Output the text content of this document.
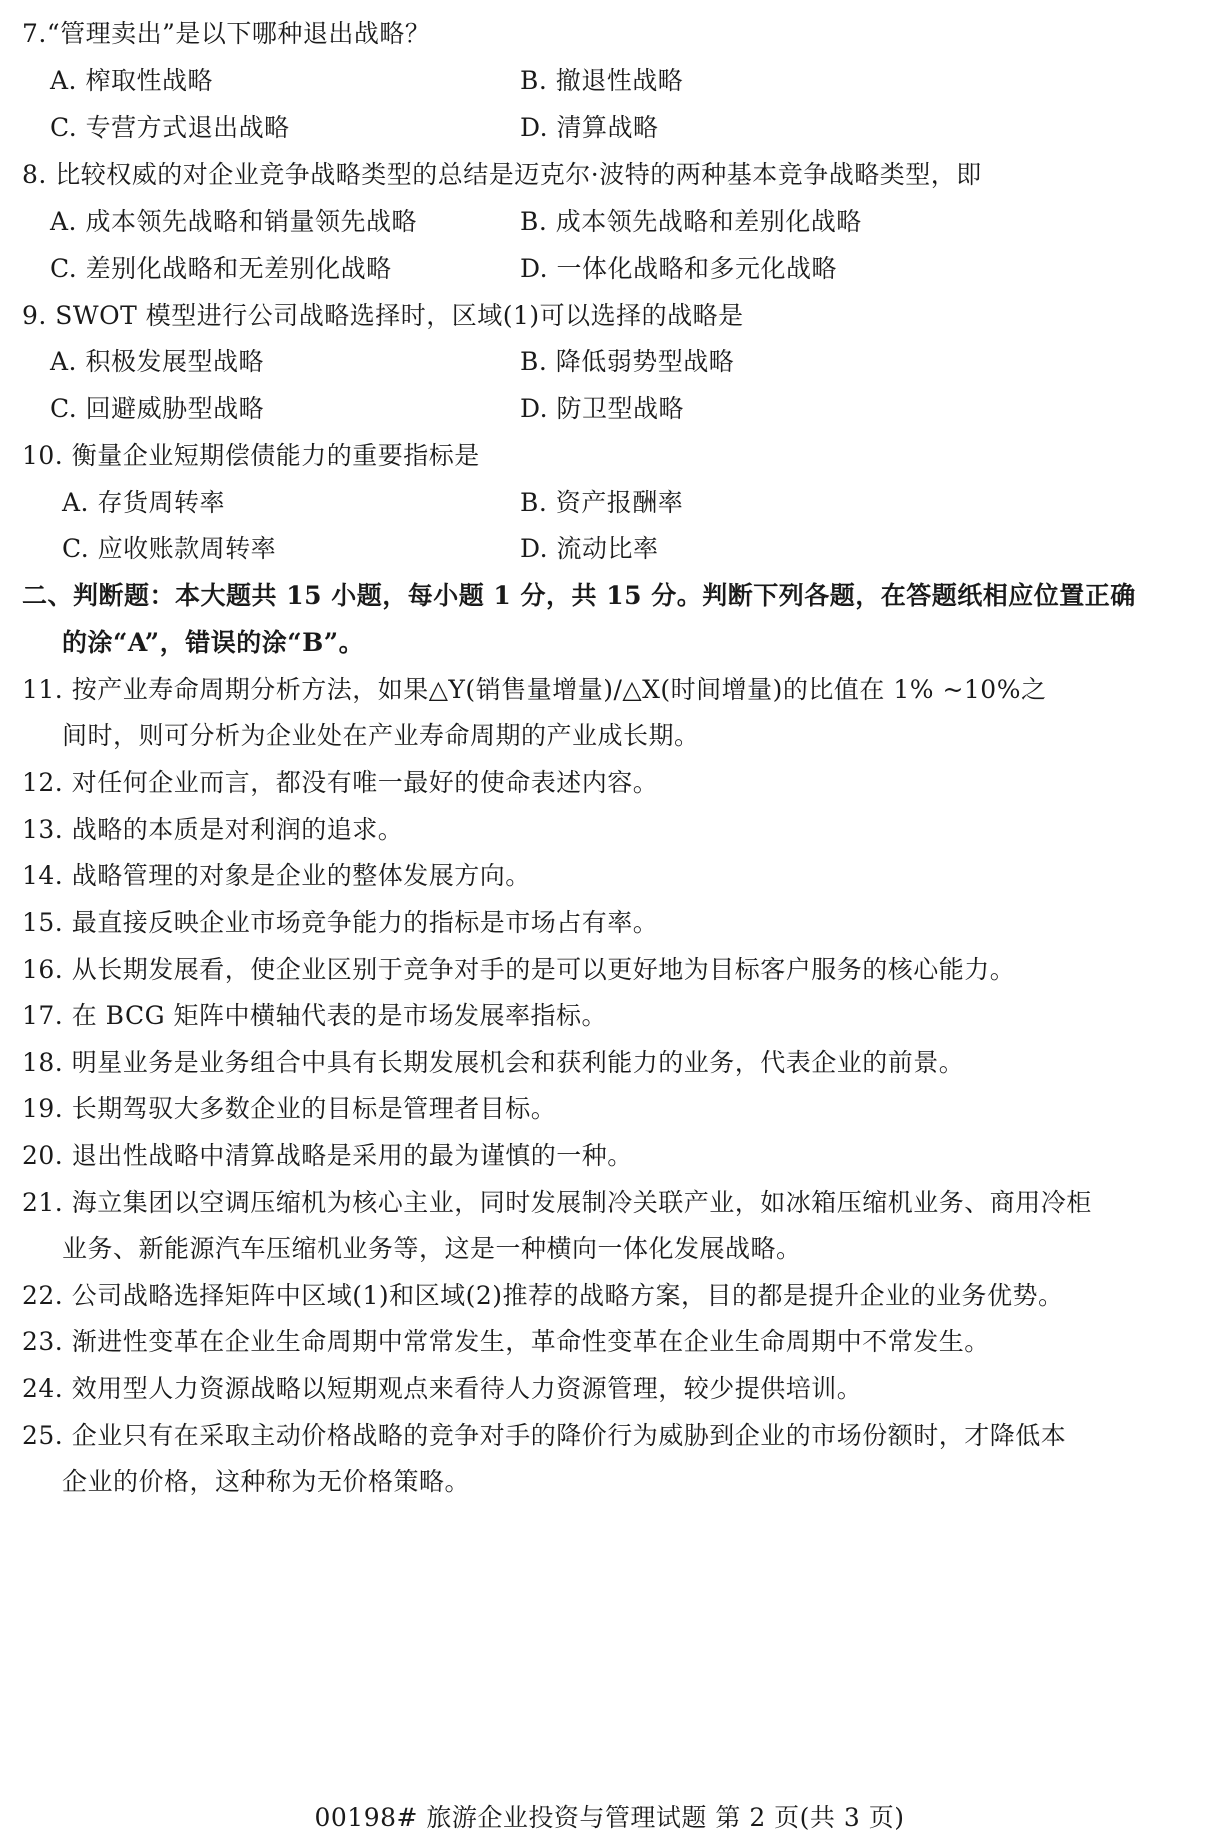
7.“管理卖出”是以下哪种退出战略？
A. 榨取性战略	B. 撤退性战略
C. 专营方式退出战略	D. 清算战略
8. 比较权威的对企业竞争战略类型的总结是迈克尔·波特的两种基本竞争战略类型，即
A. 成本领先战略和销量领先战略	B. 成本领先战略和差别化战略
C. 差别化战略和无差别化战略	D. 一体化战略和多元化战略
9. SWOT 模型进行公司战略选择时，区域(1)可以选择的战略是
A. 积极发展型战略	B. 降低弱势型战略
C. 回避威胁型战略	D. 防卫型战略
10. 衡量企业短期偿债能力的重要指标是
A. 存货周转率	B. 资产报酬率
C. 应收账款周转率	D. 流动比率
二、判断题：本大题共 15 小题，每小题 1 分，共 15 分。判断下列各题，在答题纸相应位置正确
的涂“A”，错误的涂“B”。
11. 按产业寿命周期分析方法，如果△Y(销售量增量)/△X(时间增量)的比值在 1% ~10%之
间时，则可分析为企业处在产业寿命周期的产业成长期。
12. 对任何企业而言，都没有唯一最好的使命表述内容。
13. 战略的本质是对利润的追求。
14. 战略管理的对象是企业的整体发展方向。
15. 最直接反映企业市场竞争能力的指标是市场占有率。
16. 从长期发展看，使企业区别于竞争对手的是可以更好地为目标客户服务的核心能力。
17. 在 BCG 矩阵中横轴代表的是市场发展率指标。
18. 明星业务是业务组合中具有长期发展机会和获利能力的业务，代表企业的前景。
19. 长期驾驭大多数企业的目标是管理者目标。
20. 退出性战略中清算战略是采用的最为谨慎的一种。
21. 海立集团以空调压缩机为核心主业，同时发展制冷关联产业，如冰箱压缩机业务、商用冷柜
业务、新能源汽车压缩机业务等，这是一种横向一体化发展战略。
22. 公司战略选择矩阵中区域(1)和区域(2)推荐的战略方案，目的都是提升企业的业务优势。
23. 渐进性变革在企业生命周期中常常发生，革命性变革在企业生命周期中不常发生。
24. 效用型人力资源战略以短期观点来看待人力资源管理，较少提供培训。
25. 企业只有在采取主动价格战略的竞争对手的降价行为威胁到企业的市场份额时，才降低本
企业的价格，这种称为无价格策略。
00198# 旅游企业投资与管理试题 第 2 页(共 3 页)
